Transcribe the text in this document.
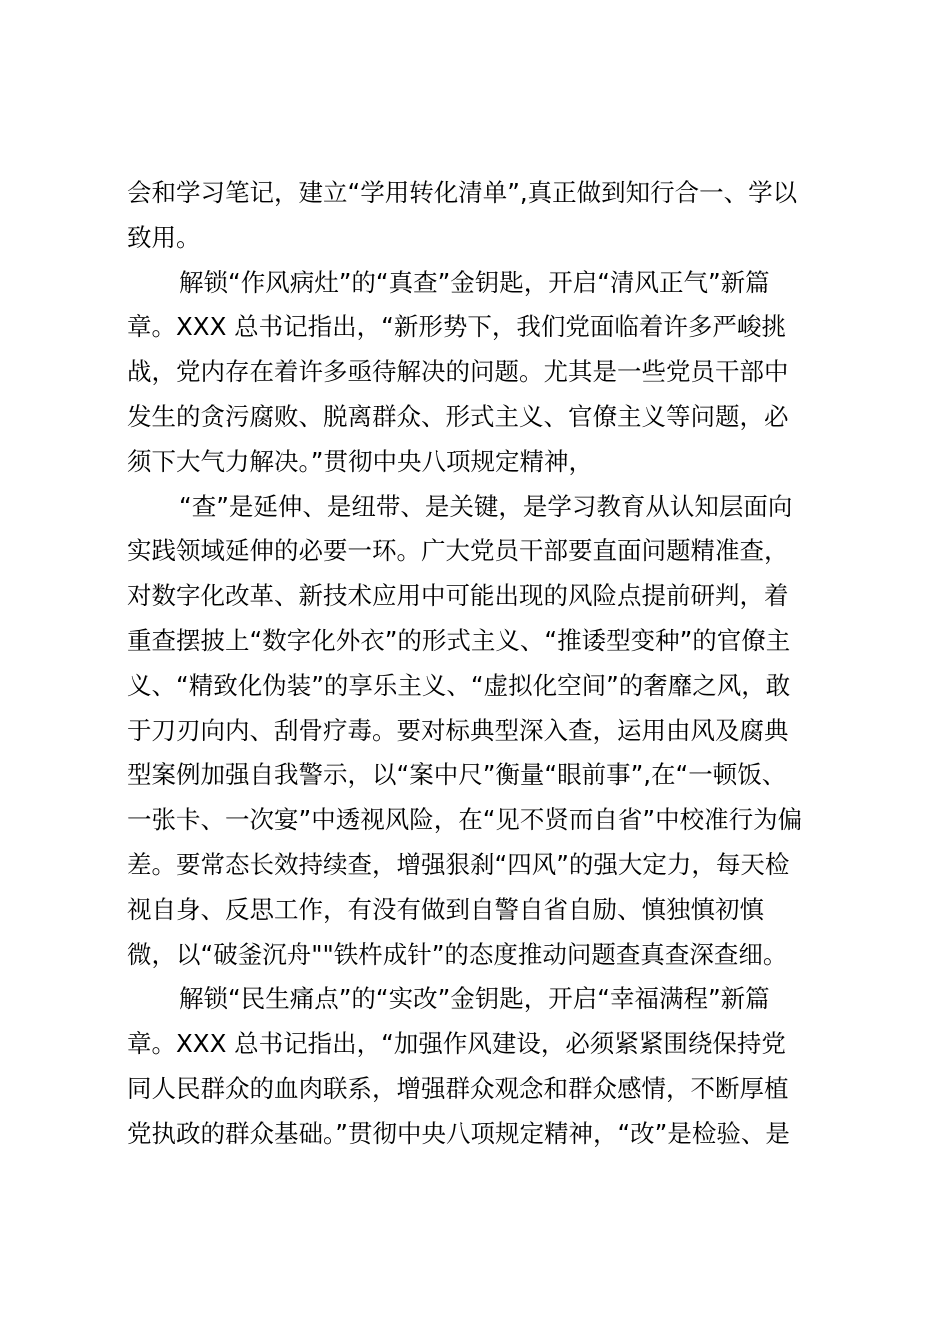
会和学习笔记，建立“学用转化清单”,真正做到知行合一、学以
致用。
解锁“作风病灶”的“真查”金钥匙，开启“清风正气”新篇
章。XXX 总书记指出，“新形势下，我们党面临着许多严峻挑
战，党内存在着许多亟待解决的问题。尤其是一些党员干部中
发生的贪污腐败、脱离群众、形式主义、官僚主义等问题，必
须下大气力解决。”贯彻中央八项规定精神，
“查”是延伸、是纽带、是关键，是学习教育从认知层面向
实践领域延伸的必要一环。广大党员干部要直面问题精准查，
对数字化改革、新技术应用中可能出现的风险点提前研判，着
重查摆披上“数字化外衣”的形式主义、“推诿型变种”的官僚主
义、“精致化伪装”的享乐主义、“虚拟化空间”的奢靡之风，敢
于刀刃向内、刮骨疗毒。要对标典型深入查，运用由风及腐典
型案例加强自我警示，以“案中尺”衡量“眼前事”,在“一顿饭、
一张卡、一次宴”中透视风险，在“见不贤而自省”中校准行为偏
差。要常态长效持续查，增强狠刹“四风”的强大定力，每天检
视自身、反思工作，有没有做到自警自省自励、慎独慎初慎
微，以“破釜沉舟""铁杵成针”的态度推动问题查真查深查细。
解锁“民生痛点”的“实改”金钥匙，开启“幸福满程”新篇
章。XXX 总书记指出，“加强作风建设，必须紧紧围绕保持党
同人民群众的血肉联系，增强群众观念和群众感情，不断厚植
党执政的群众基础。”贯彻中央八项规定精神，“改”是检验、是
